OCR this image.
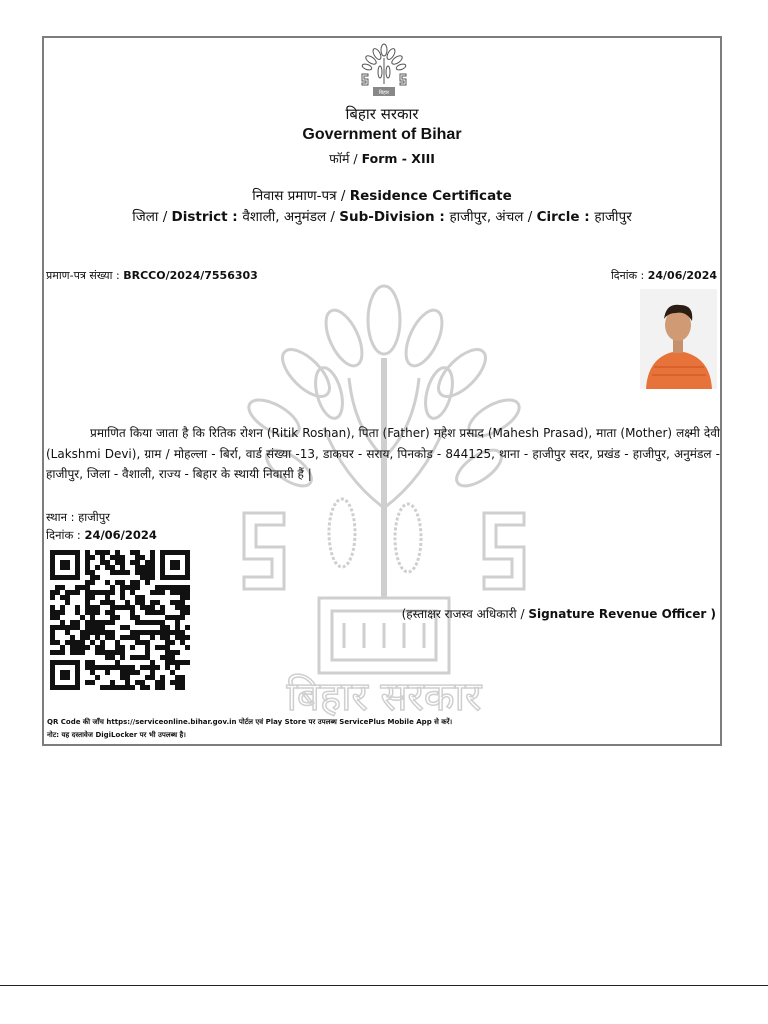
बिहार सरकार
बिहार
बिहार सरकार
Government of Bihar
फॉर्म / Form - XIII
निवास प्रमाण-पत्र / Residence Certificate
जिला / District : वैशाली, अनुमंडल / Sub-Division : हाजीपुर, अंचल / Circle : हाजीपुर
प्रमाण-पत्र संख्या : BRCCO/2024/7556303	दिनांक : 24/06/2024
प्रमाणित किया जाता है कि रितिक रोशन (Ritik Roshan), पिता (Father) महेश प्रसाद (Mahesh Prasad), माता (Mother) लक्ष्मी देवी (Lakshmi Devi), ग्राम / मोहल्ला - बिर्रा, वार्ड संख्या -13, डाकघर - सराय, पिनकोड - 844125, थाना - हाजीपुर सदर, प्रखंड - हाजीपुर, अनुमंडल - हाजीपुर, जिला - वैशाली, राज्य - बिहार के स्थायी निवासी हैं |
स्थान : हाजीपुर
दिनांक : 24/06/2024
(हस्ताक्षर राजस्व अधिकारी / Signature Revenue Officer )
QR Code की जाँच https://serviceonline.bihar.gov.in पोर्टल एवं Play Store पर उपलब्ध ServicePlus Mobile App से करें।
नोट: यह दस्तावेज DigiLocker पर भी उपलब्ध है।
